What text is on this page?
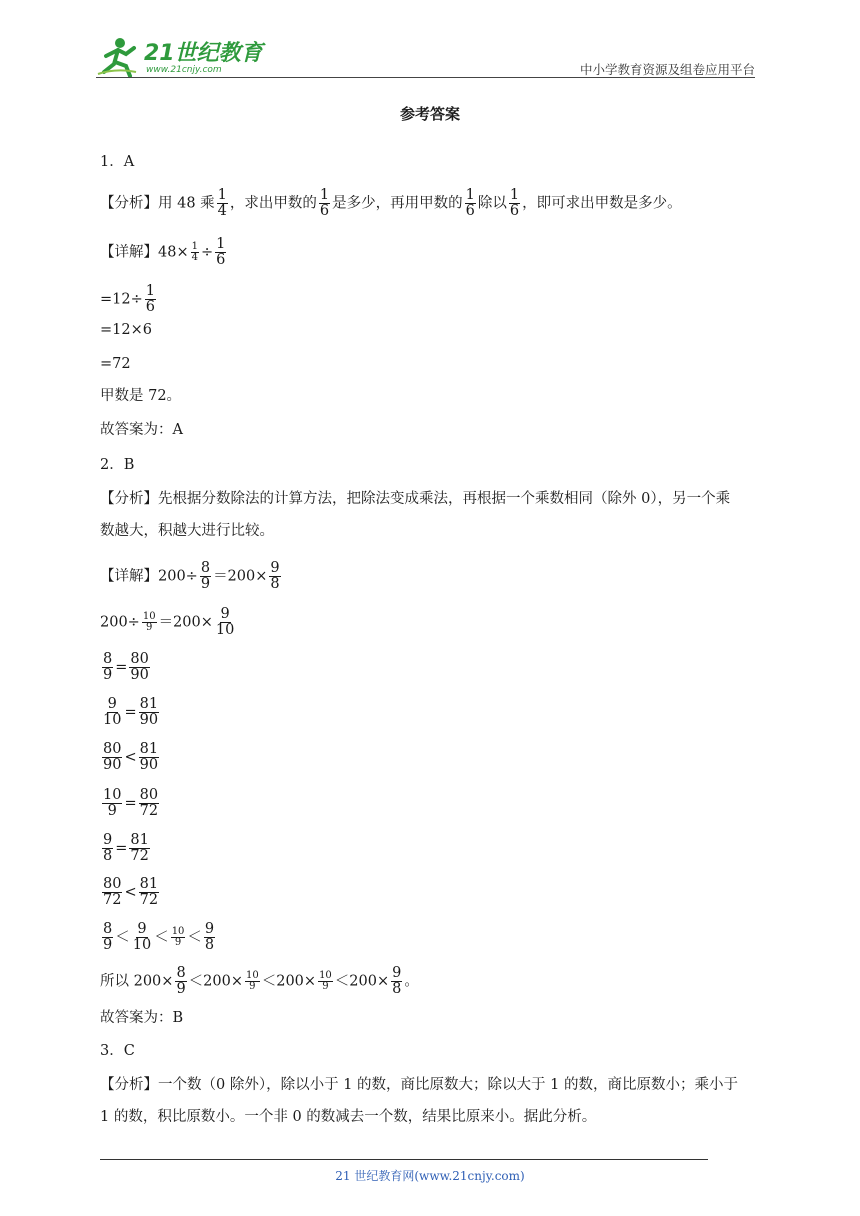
21世纪教育
www.21cnjy.com	中小学教育资源及组卷应用平台
参考答案
1．A
【分析】用 48 乘 $\frac{1}{4}$ ，求出甲数的 $\frac{1}{6}$ 是多少，再用甲数的 $\frac{1}{6}$ 除以 $\frac{1}{6}$ ，即可求出甲数是多少。
【详解】$48\times \frac{1}{4} \div \frac{1}{6}$
$=12\div \frac{1}{6}$
=12×6
=72
甲数是 72。
故答案为：A
2．B
【分析】先根据分数除法的计算方法，把除法变成乘法，再根据一个乘数相同（除外 0），另一个乘
数越大，积越大进行比较。
【详解】$200\div \frac{8}{9} =200\times \frac{9}{8}$
$200\div \frac{10}{9} =200\times \frac{9}{10}$
$\frac{8}{9} = \frac{80}{90}$
$\frac{9}{10} = \frac{81}{90}$
$\frac{80}{90} < \frac{81}{90}$
$\frac{10}{9} = \frac{80}{72}$
$\frac{9}{8} = \frac{81}{72}$
$\frac{80}{72} < \frac{81}{72}$
$\frac{8}{9} < \frac{9}{10} < \frac{10}{9} < \frac{9}{8}$
所以 $200\times \frac{8}{9} <200\times \frac{10}{9} <200\times \frac{10}{9} <200\times \frac{9}{8}$ 。
故答案为：B
3．C
【分析】一个数（0 除外），除以小于 1 的数，商比原数大；除以大于 1 的数，商比原数小；乘小于
1 的数，积比原数小。一个非 0 的数减去一个数，结果比原来小。据此分析。
21 世纪教育网(www.21cnjy.com)
